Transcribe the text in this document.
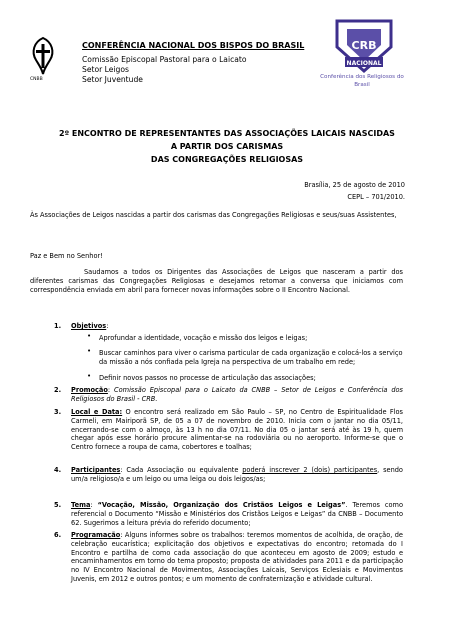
CNBB
CONFERÊNCIA NACIONAL DOS BISPOS DO BRASIL
Comissão Episcopal Pastoral para o Laicato
Setor Leigos
Setor Juventude
CRB
NACIONAL
Conferência dos Religiosos do
Brasil
2º ENCONTRO DE REPRESENTANTES DAS ASSOCIAÇÕES LAICAIS NASCIDAS
A PARTIR DOS CARISMAS
DAS CONGREGAÇÕES RELIGIOSAS
Brasília, 25 de agosto de 2010
CEPL – 701/2010.
Às Associações de Leigos nascidas a partir dos carismas das Congregações Religiosas e seus/suas Assistentes,
Paz e Bem no Senhor!
Saudamos a todos os Dirigentes das Associações de Leigos que nasceram a partir dos diferentes carismas das Congregações Religiosas e desejamos retomar a conversa que iniciamos com correspondência enviada em abril para fornecer novas informações sobre o II Encontro Nacional.
1. Objetivos:
• Aprofundar a identidade, vocação e missão dos leigos e leigas;
• Buscar caminhos para viver o carisma particular de cada organização e colocá-los a serviço da missão a nós confiada pela Igreja na perspectiva de um trabalho em rede;
• Definir novos passos no processe de articulação das associações;
2. Promoção: Comissão Episcopal para o Laicato da CNBB – Setor de Leigos e Conferência dos Religiosos do Brasil - CRB.
3. Local e Data: O encontro será realizado em São Paulo – SP, no Centro de Espiritualidade Flos Carmeli, em Mairiporã SP, de 05 a 07 de novembro de 2010. Inicia com o jantar no dia 05/11, encerrando-se com o almoço, às 13 h no dia 07/11. No dia 05 o jantar será até às 19 h, quem chegar após esse horário procure alimentar-se na rodoviária ou no aeroporto. Informe-se que o Centro fornece a roupa de cama, cobertores e toalhas;
4. Participantes: Cada Associação ou equivalente poderá inscrever 2 (dois) participantes, sendo um/a religioso/a e um leigo ou uma leiga ou dois leigos/as;
5. Tema: “Vocação, Missão, Organização dos Cristãos Leigos e Leigas”. Teremos como referencial o Documento “Missão e Ministérios dos Cristãos Leigos e Leigas” da CNBB – Documento 62. Sugerimos a leitura prévia do referido documento;
6. Programação: Alguns informes sobre os trabalhos: teremos momentos de acolhida, de oração, de celebração eucarística; explicitação dos objetivos e expectativas do encontro; retomada do I Encontro e partilha de como cada associação do que aconteceu em agosto de 2009; estudo e encaminhamentos em torno do tema proposto; proposta de atividades para 2011 e da participação no IV Encontro Nacional de Movimentos, Associações Laicais, Serviços Eclesiais e Movimentos Juvenis, em 2012 e outros pontos; e um momento de confraternização e atividade cultural.
